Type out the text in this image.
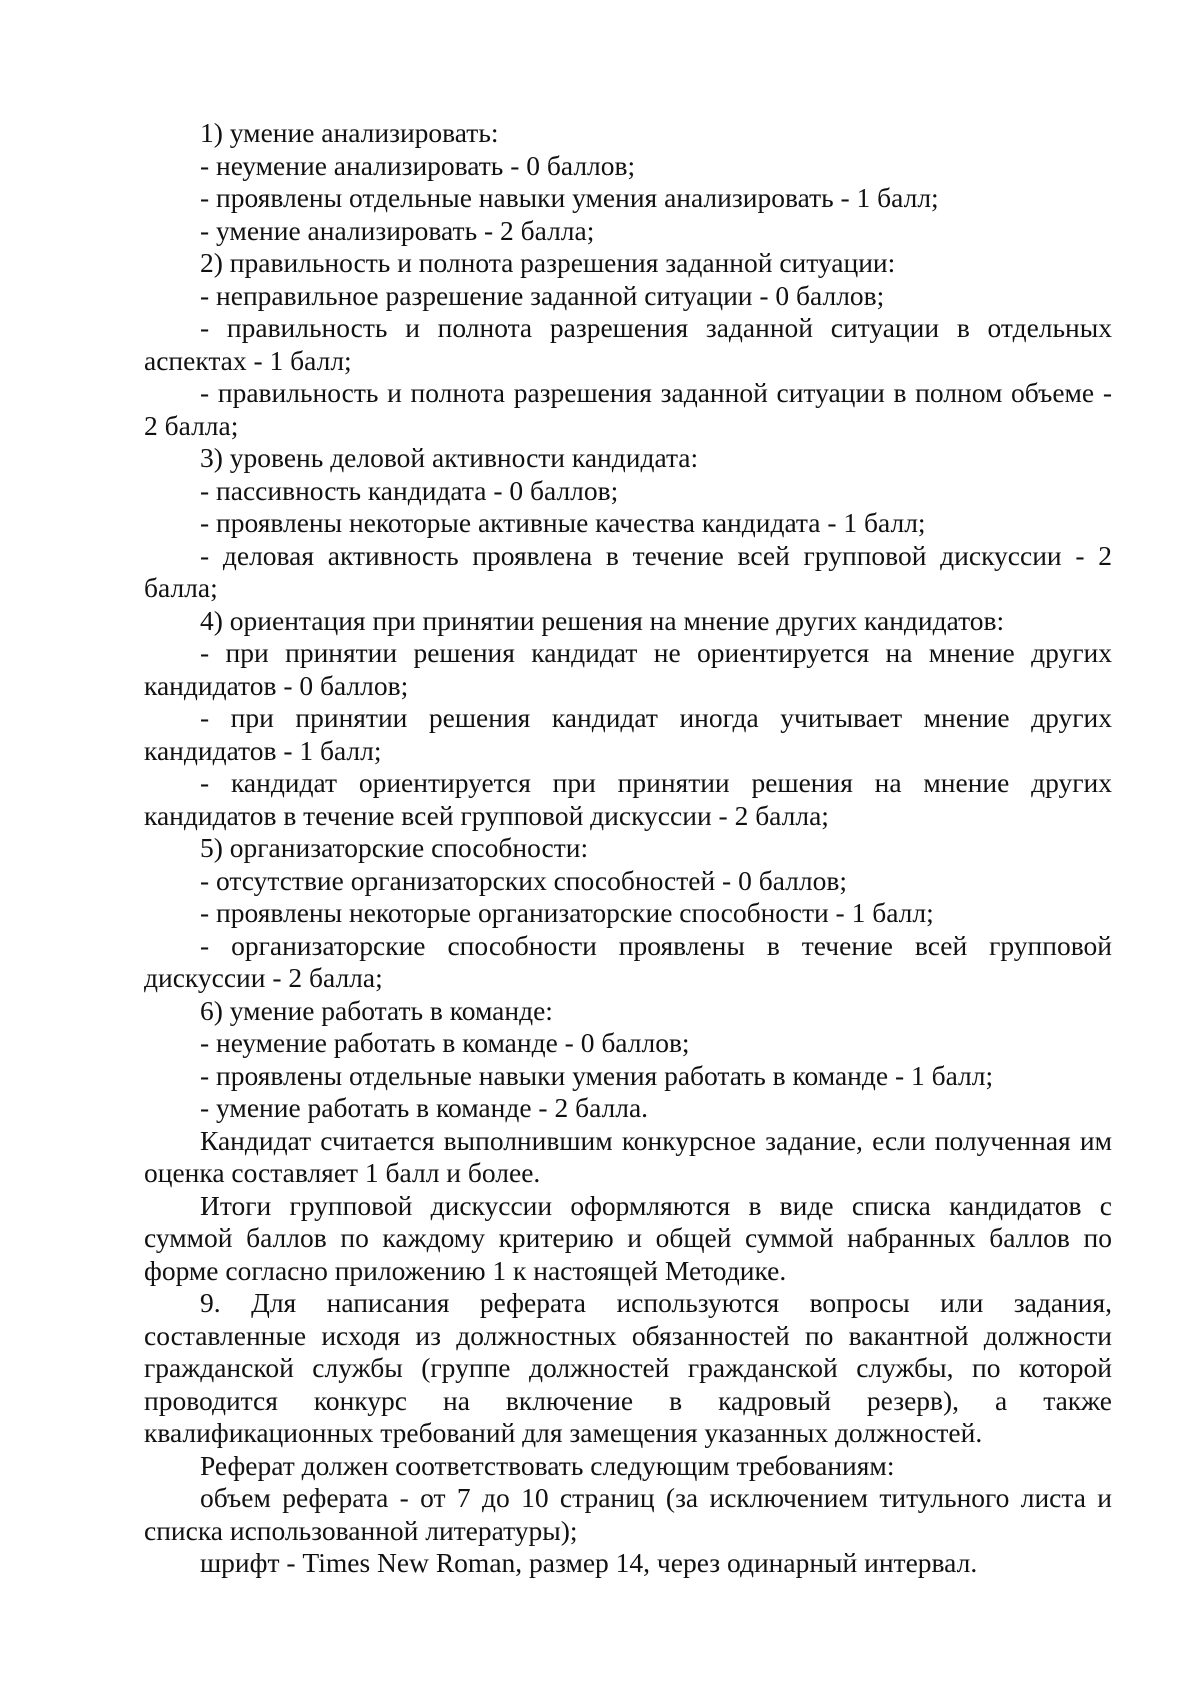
1) умение анализировать:

- неумение анализировать - 0 баллов;

- проявлены отдельные навыки умения анализировать - 1 балл;

- умение анализировать - 2 балла;

2) правильность и полнота разрешения заданной ситуации:

- неправильное разрешение заданной ситуации - 0 баллов;

- правильность и полнота разрешения заданной ситуации в отдельных аспектах - 1 балл;

- правильность и полнота разрешения заданной ситуации в полном объеме - 2 балла;

3) уровень деловой активности кандидата:

- пассивность кандидата - 0 баллов;

- проявлены некоторые активные качества кандидата - 1 балл;

- деловая активность проявлена в течение всей групповой дискуссии - 2 балла;

4) ориентация при принятии решения на мнение других кандидатов:

- при принятии решения кандидат не ориентируется на мнение других кандидатов - 0 баллов;

- при принятии решения кандидат иногда учитывает мнение других кандидатов - 1 балл;

- кандидат ориентируется при принятии решения на мнение других кандидатов в течение всей групповой дискуссии - 2 балла;

5) организаторские способности:

- отсутствие организаторских способностей - 0 баллов;

- проявлены некоторые организаторские способности - 1 балл;

- организаторские способности проявлены в течение всей групповой дискуссии - 2 балла;

6) умение работать в команде:

- неумение работать в команде - 0 баллов;

- проявлены отдельные навыки умения работать в команде - 1 балл;

- умение работать в команде - 2 балла.

Кандидат считается выполнившим конкурсное задание, если полученная им оценка составляет 1 балл и более.

Итоги групповой дискуссии оформляются в виде списка кандидатов с суммой баллов по каждому критерию и общей суммой набранных баллов по форме согласно приложению 1 к настоящей Методике.

9. Для написания реферата используются вопросы или задания, составленные исходя из должностных обязанностей по вакантной должности гражданской службы (группе должностей гражданской службы, по которой проводится конкурс на включение в кадровый резерв), а также квалификационных требований для замещения указанных должностей.

Реферат должен соответствовать следующим требованиям:

объем реферата - от 7 до 10 страниц (за исключением титульного листа и списка использованной литературы);

шрифт - Times New Roman, размер 14, через одинарный интервал.
